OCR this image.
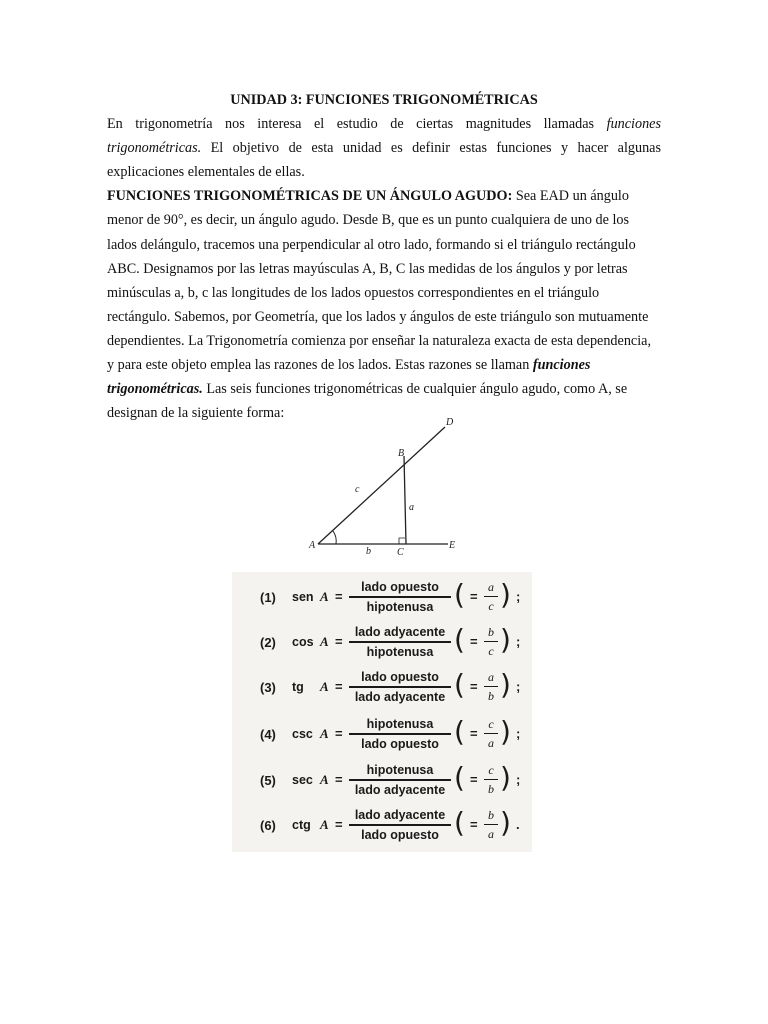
UNIDAD 3: FUNCIONES TRIGONOMÉTRICAS

En trigonometría nos interesa el estudio de ciertas magnitudes llamadas funciones trigonométricas. El objetivo de esta unidad es definir estas funciones y hacer algunas explicaciones elementales de ellas.

FUNCIONES TRIGONOMÉTRICAS DE UN ÁNGULO AGUDO: Sea EAD un ángulo menor de 90°, es decir, un ángulo agudo. Desde B, que es un punto cualquiera de uno de los lados delángulo, tracemos una perpendicular al otro lado, formando si el triángulo rectángulo ABC. Designamos por las letras mayúsculas A, B, C las medidas de los ángulos y por letras minúsculas a, b, c las longitudes de los lados opuestos correspondientes en el triángulo rectángulo. Sabemos, por Geometría, que los lados y ángulos de este triángulo son mutuamente dependientes. La Trigonometría comienza por enseñar la naturaleza exacta de esta dependencia, y para este objeto emplea las razones de los lados. Estas razones se llaman funciones trigonométricas. Las seis funciones trigonométricas de cualquier ángulo agudo, como A, se designan de la siguiente forma:

A
B
C
D
E
a
b
c
(1) sen A =
lado opuesto
hipotenusa ( =
a
c ) ;
(2) cos A =
lado adyacente
hipotenusa ( =
b
c ) ;
(3) tg A =
lado opuesto
lado adyacente ( =
a
b ) ;
(4) csc A =
hipotenusa
lado opuesto ( =
c
a ) ;
(5) sec A =
hipotenusa
lado adyacente ( =
c
b ) ;
(6) ctg A =
lado adyacente
lado opuesto ( =
b
a ) .
